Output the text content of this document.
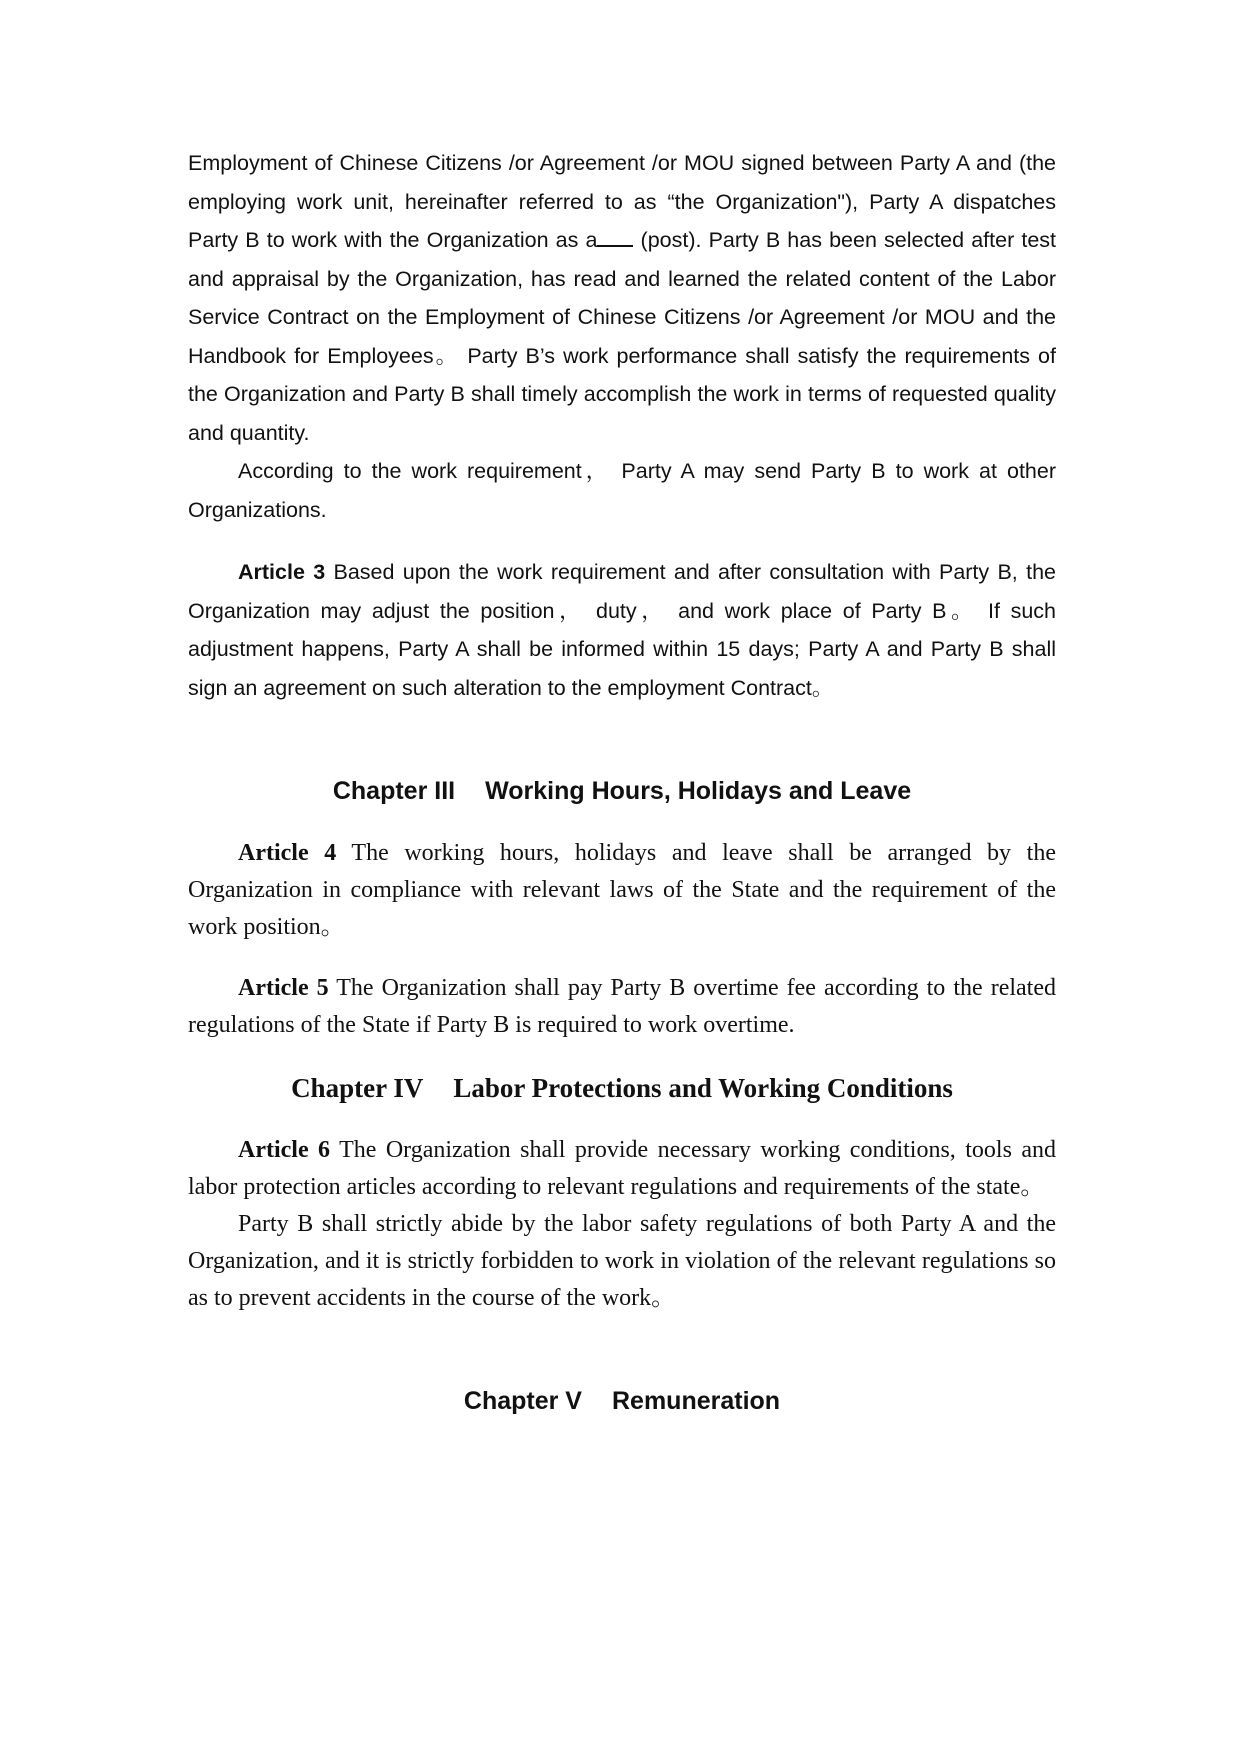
Employment of Chinese Citizens /or Agreement /or MOU signed between Party A and (the employing work unit, hereinafter referred to as “the Organization"), Party A dispatches Party B to work with the Organization as a (post). Party B has been selected after test and appraisal by the Organization, has read and learned the related content of the Labor Service Contract on the Employment of Chinese Citizens /or Agreement /or MOU and the Handbook for Employees。 Party B’s work performance shall satisfy the requirements of the Organization and Party B shall timely accomplish the work in terms of requested quality and quantity.

According to the work requirement， Party A may send Party B to work at other Organizations.

Article 3 Based upon the work requirement and after consultation with Party B, the Organization may adjust the position， duty， and work place of Party B。 If such adjustment happens, Party A shall be informed within 15 days; Party A and Party B shall sign an agreement on such alteration to the employment Contract。

Chapter III Working Hours, Holidays and Leave

Article 4 The working hours, holidays and leave shall be arranged by the Organization in compliance with relevant laws of the State and the requirement of the work position。

Article 5 The Organization shall pay Party B overtime fee according to the related regulations of the State if Party B is required to work overtime.

Chapter IV Labor Protections and Working Conditions

Article 6 The Organization shall provide necessary working conditions, tools and labor protection articles according to relevant regulations and requirements of the state。

Party B shall strictly abide by the labor safety regulations of both Party A and the Organization, and it is strictly forbidden to work in violation of the relevant regulations so as to prevent accidents in the course of the work。

Chapter V Remuneration
